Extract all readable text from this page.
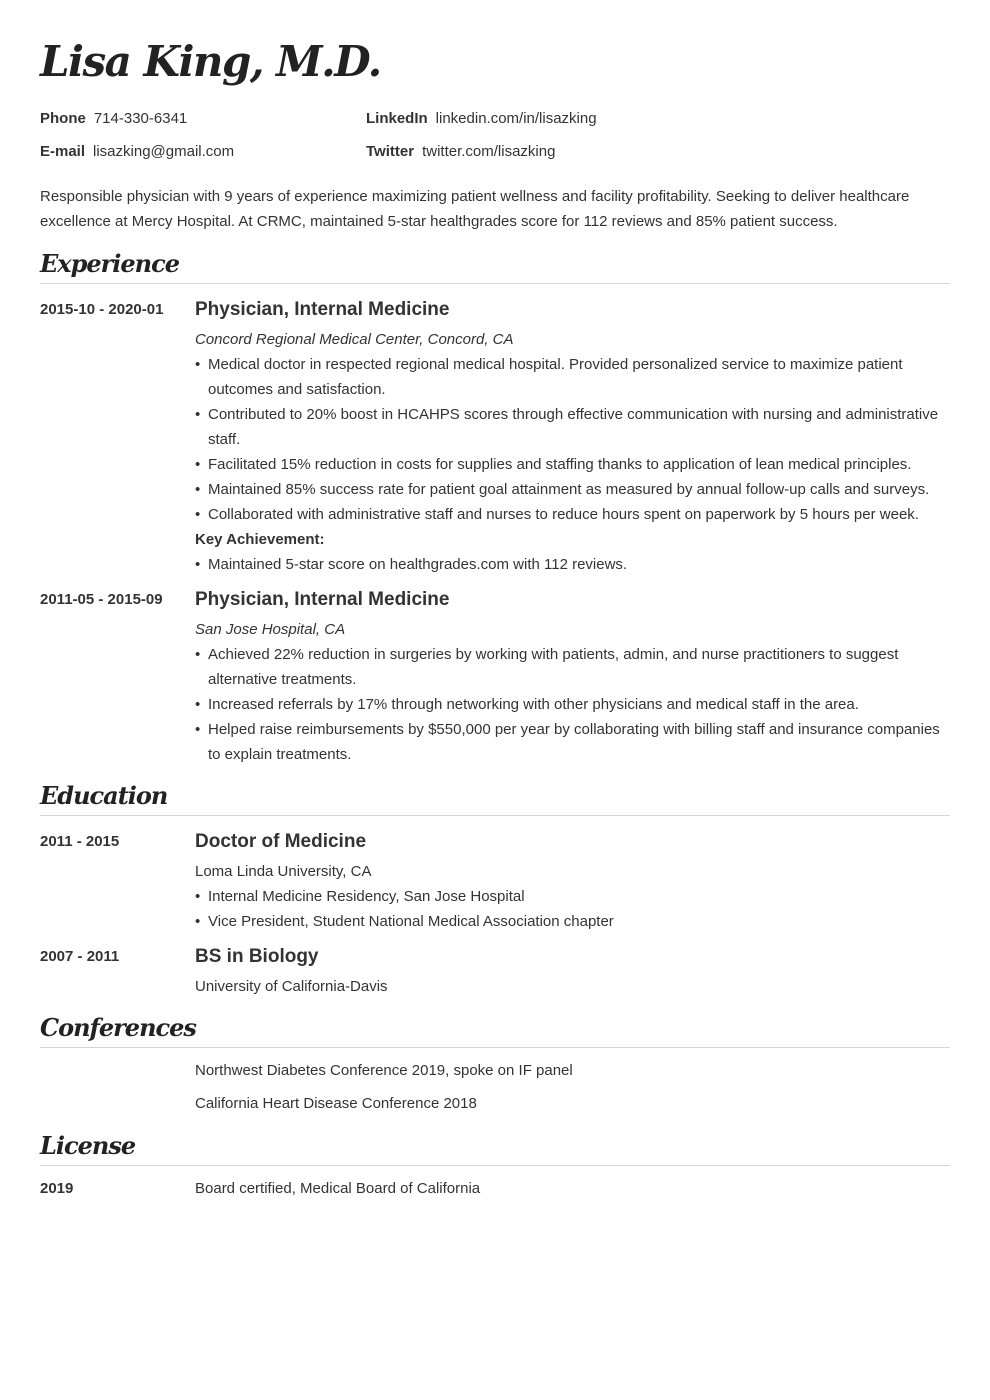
Lisa King, M.D.
Phone 714-330-6341	LinkedIn linkedin.com/in/lisazking
E-mail lisazking@gmail.com	Twitter twitter.com/lisazking

Responsible physician with 9 years of experience maximizing patient wellness and facility profitability. Seeking to deliver healthcare excellence at Mercy Hospital. At CRMC, maintained 5-star healthgrades score for 112 reviews and 85% patient success.

Experience
2015-10 - 2020-01 Physician, Internal Medicine
Concord Regional Medical Center, Concord, CA
• Medical doctor in respected regional medical hospital. Provided personalized service to maximize patient outcomes and satisfaction.
• Contributed to 20% boost in HCAHPS scores through effective communication with nursing and administrative staff.
• Facilitated 15% reduction in costs for supplies and staffing thanks to application of lean medical principles.
• Maintained 85% success rate for patient goal attainment as measured by annual follow-up calls and surveys.
• Collaborated with administrative staff and nurses to reduce hours spent on paperwork by 5 hours per week.
Key Achievement:
• Maintained 5-star score on healthgrades.com with 112 reviews.
2011-05 - 2015-09 Physician, Internal Medicine
San Jose Hospital, CA
• Achieved 22% reduction in surgeries by working with patients, admin, and nurse practitioners to suggest alternative treatments.
• Increased referrals by 17% through networking with other physicians and medical staff in the area.
• Helped raise reimbursements by $550,000 per year by collaborating with billing staff and insurance companies to explain treatments.
Education
2011 - 2015	Doctor of Medicine
Loma Linda University, CA
• Internal Medicine Residency, San Jose Hospital
• Vice President, Student National Medical Association chapter
2007 - 2011	BS in Biology
University of California-Davis
Conferences
Northwest Diabetes Conference 2019, spoke on IF panel
California Heart Disease Conference 2018
License
2019	Board certified, Medical Board of California
